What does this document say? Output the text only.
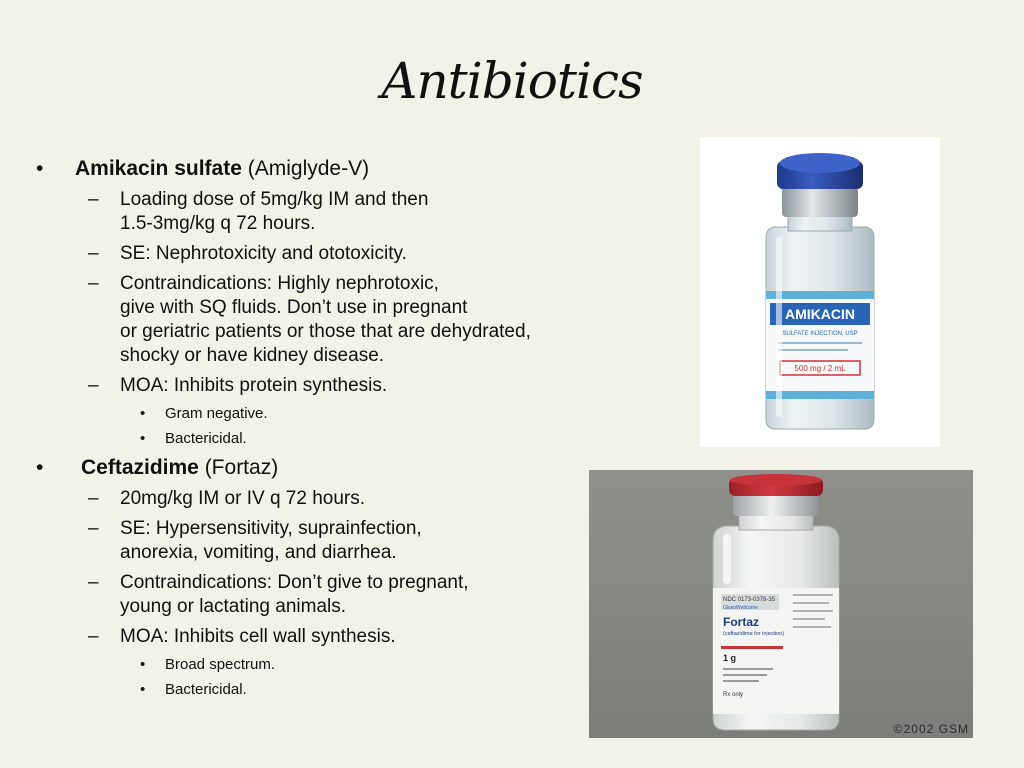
Antibiotics
• Amikacin sulfate (Amiglyde-V)
– Loading dose of 5mg/kg IM and then
1.5-3mg/kg q 72 hours.
– SE: Nephrotoxicity and ototoxicity.
– Contraindications: Highly nephrotoxic,
give with SQ fluids. Don’t use in pregnant
or geriatric patients or those that are dehydrated,
shocky or have kidney disease.
– MOA: Inhibits protein synthesis.
• Gram negative.
• Bactericidal.
• Ceftazidime (Fortaz)
– 20mg/kg IM or IV q 72 hours.
– SE: Hypersensitivity, suprainfection,
anorexia, vomiting, and diarrhea.
– Contraindications: Don’t give to pregnant,
young or lactating animals.
– MOA: Inhibits cell wall synthesis.
• Broad spectrum.
• Bactericidal.
AMIKACIN
SULFATE INJECTION, USP
500 mg / 2 mL
NDC 0173-0378-35
GlaxoWellcome
Fortaz
(ceftazidime for injection)
1 g
Rx only
©2002 GSM
